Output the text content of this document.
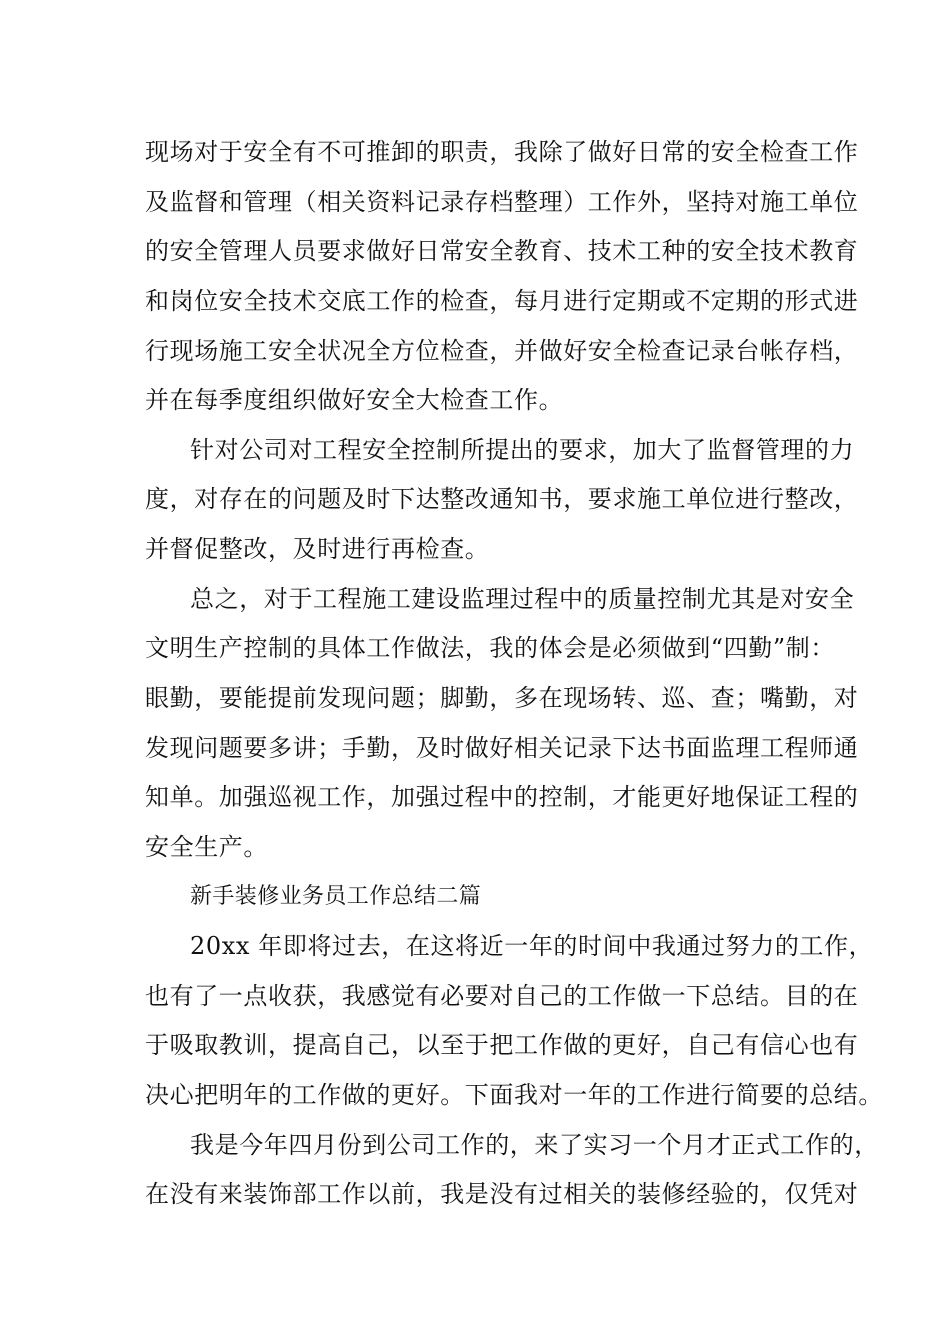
现场对于安全有不可推卸的职责，我除了做好日常的安全检查工作
及监督和管理（相关资料记录存档整理）工作外，坚持对施工单位
的安全管理人员要求做好日常安全教育、技术工种的安全技术教育
和岗位安全技术交底工作的检查，每月进行定期或不定期的形式进
行现场施工安全状况全方位检查，并做好安全检查记录台帐存档，
并在每季度组织做好安全大检查工作。
针对公司对工程安全控制所提出的要求，加大了监督管理的力
度，对存在的问题及时下达整改通知书，要求施工单位进行整改，
并督促整改，及时进行再检查。
总之，对于工程施工建设监理过程中的质量控制尤其是对安全
文明生产控制的具体工作做法，我的体会是必须做到“四勤”制：
眼勤，要能提前发现问题；脚勤，多在现场转、巡、查；嘴勤，对
发现问题要多讲；手勤，及时做好相关记录下达书面监理工程师通
知单。加强巡视工作，加强过程中的控制，才能更好地保证工程的
安全生产。
新手装修业务员工作总结二篇
20xx 年即将过去，在这将近一年的时间中我通过努力的工作，
也有了一点收获，我感觉有必要对自己的工作做一下总结。目的在
于吸取教训，提高自己，以至于把工作做的更好，自己有信心也有
决心把明年的工作做的更好。下面我对一年的工作进行简要的总结。
我是今年四月份到公司工作的，来了实习一个月才正式工作的，
在没有来装饰部工作以前，我是没有过相关的装修经验的，仅凭对
